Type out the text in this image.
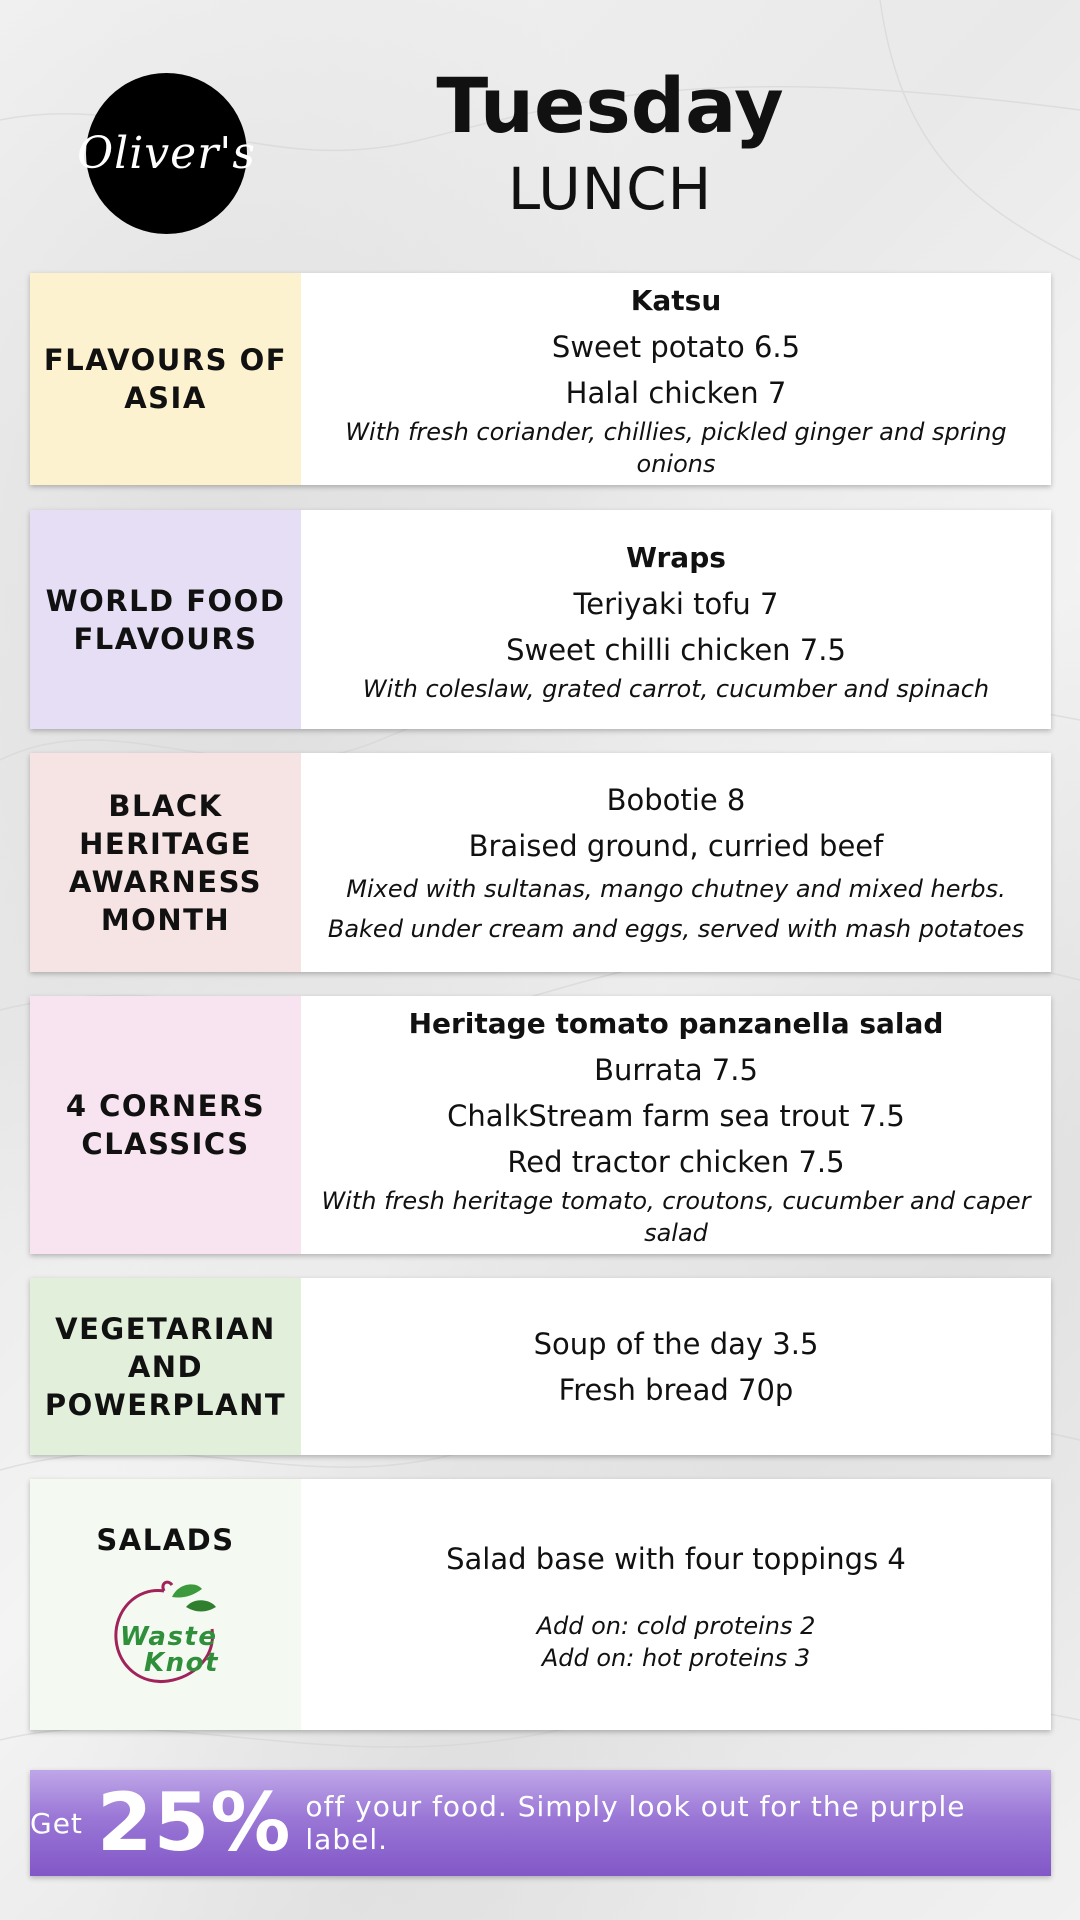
Oliver's
Tuesday
LUNCH
FLAVOURS OF
ASIA
Katsu
Sweet potato 6.5
Halal chicken 7
With fresh coriander, chillies, pickled ginger and spring onions
WORLD FOOD
FLAVOURS
Wraps
Teriyaki tofu 7
Sweet chilli chicken 7.5
With coleslaw, grated carrot, cucumber and spinach
BLACK
HERITAGE
AWARNESS
MONTH
Bobotie 8
Braised ground, curried beef
Mixed with sultanas, mango chutney and mixed herbs.
Baked under cream and eggs, served with mash potatoes
4 CORNERS
CLASSICS
Heritage tomato panzanella salad
Burrata 7.5
ChalkStream farm sea trout 7.5
Red tractor chicken 7.5
With fresh heritage tomato, croutons, cucumber and caper salad
VEGETARIAN
AND
POWERPLANT
Soup of the day 3.5
Fresh bread 70p
SALADS
Waste
Knot
Salad base with four toppings 4
Add on: cold proteins 2
Add on: hot proteins 3
Get 25% off your food. Simply look out for the purple label.
